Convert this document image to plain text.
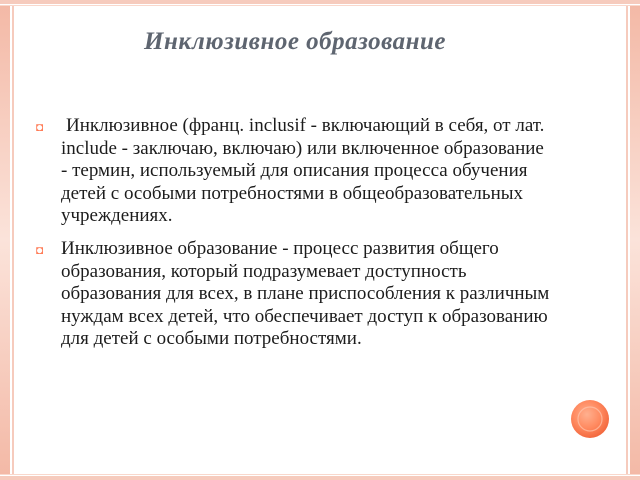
Инклюзивное образование
◘ Инклюзивное (франц. inclusif - включающий в себя, от лат. include - заключаю, включаю) или включенное образование - термин, используемый для описания процесса обучения детей с особыми потребностями в общеобразовательных учреждениях.
◘ Инклюзивное образование - процесс развития общего образования, который подразумевает доступность образования для всех, в плане приспособления к различным нуждам всех детей, что обеспечивает доступ к образованию для детей с особыми потребностями.
